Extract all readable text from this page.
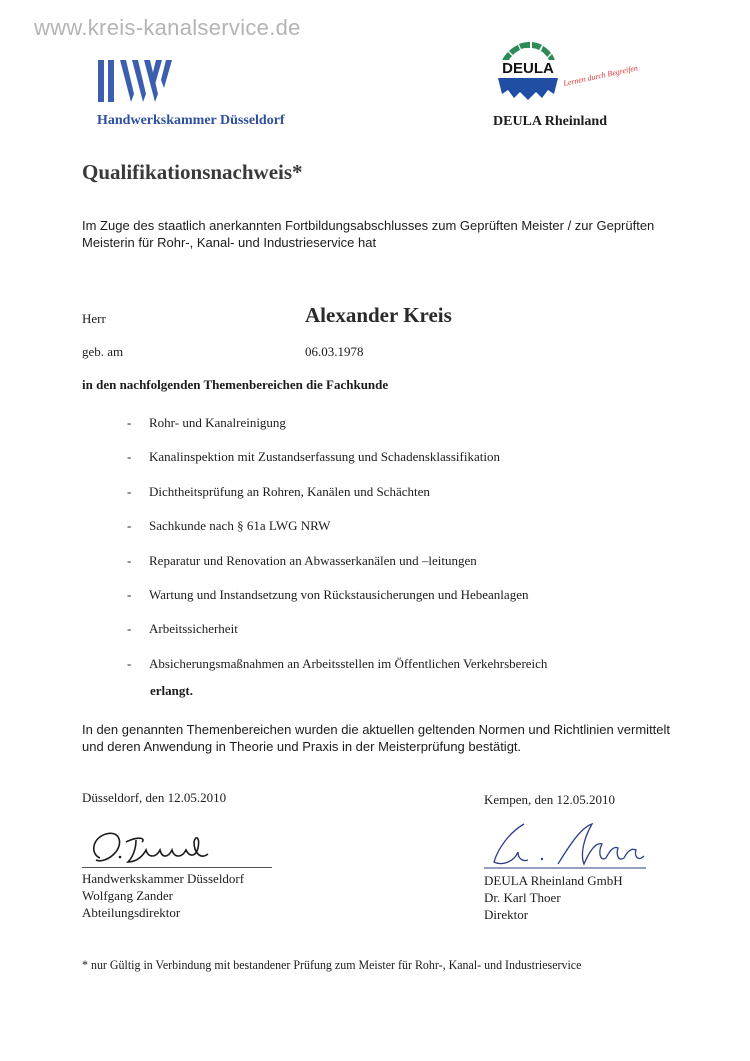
www.kreis-kanalservice.de
Handwerkskammer Düsseldorf
DEULA Lernen durch Begreifen
DEULA Rheinland
Qualifikationsnachweis*
Im Zuge des staatlich anerkannten Fortbildungsabschlusses zum Geprüften Meister / zur Geprüften Meisterin für Rohr-, Kanal- und Industrieservice hat
Herr	Alexander Kreis
geb. am	06.03.1978
in den nachfolgenden Themenbereichen die Fachkunde
-	Rohr- und Kanalreinigung
-	Kanalinspektion mit Zustandserfassung und Schadensklassifikation
-	Dichtheitsprüfung an Rohren, Kanälen und Schächten
-	Sachkunde nach § 61a LWG NRW
-	Reparatur und Renovation an Abwasserkanälen und –leitungen
-	Wartung und Instandsetzung von Rückstausicherungen und Hebeanlagen
-	Arbeitssicherheit
-	Absicherungsmaßnahmen an Arbeitsstellen im Öffentlichen Verkehrsbereich
erlangt.
In den genannten Themenbereichen wurden die aktuellen geltenden Normen und Richtlinien vermittelt und deren Anwendung in Theorie und Praxis in der Meisterprüfung bestätigt.
Düsseldorf, den 12.05.2010	Kempen, den 12.05.2010
Handwerkskammer Düsseldorf
Wolfgang Zander
Abteilungsdirektor
DEULA Rheinland GmbH
Dr. Karl Thoer
Direktor
* nur Gültig in Verbindung mit bestandener Prüfung zum Meister für Rohr-, Kanal- und Industrieservice
